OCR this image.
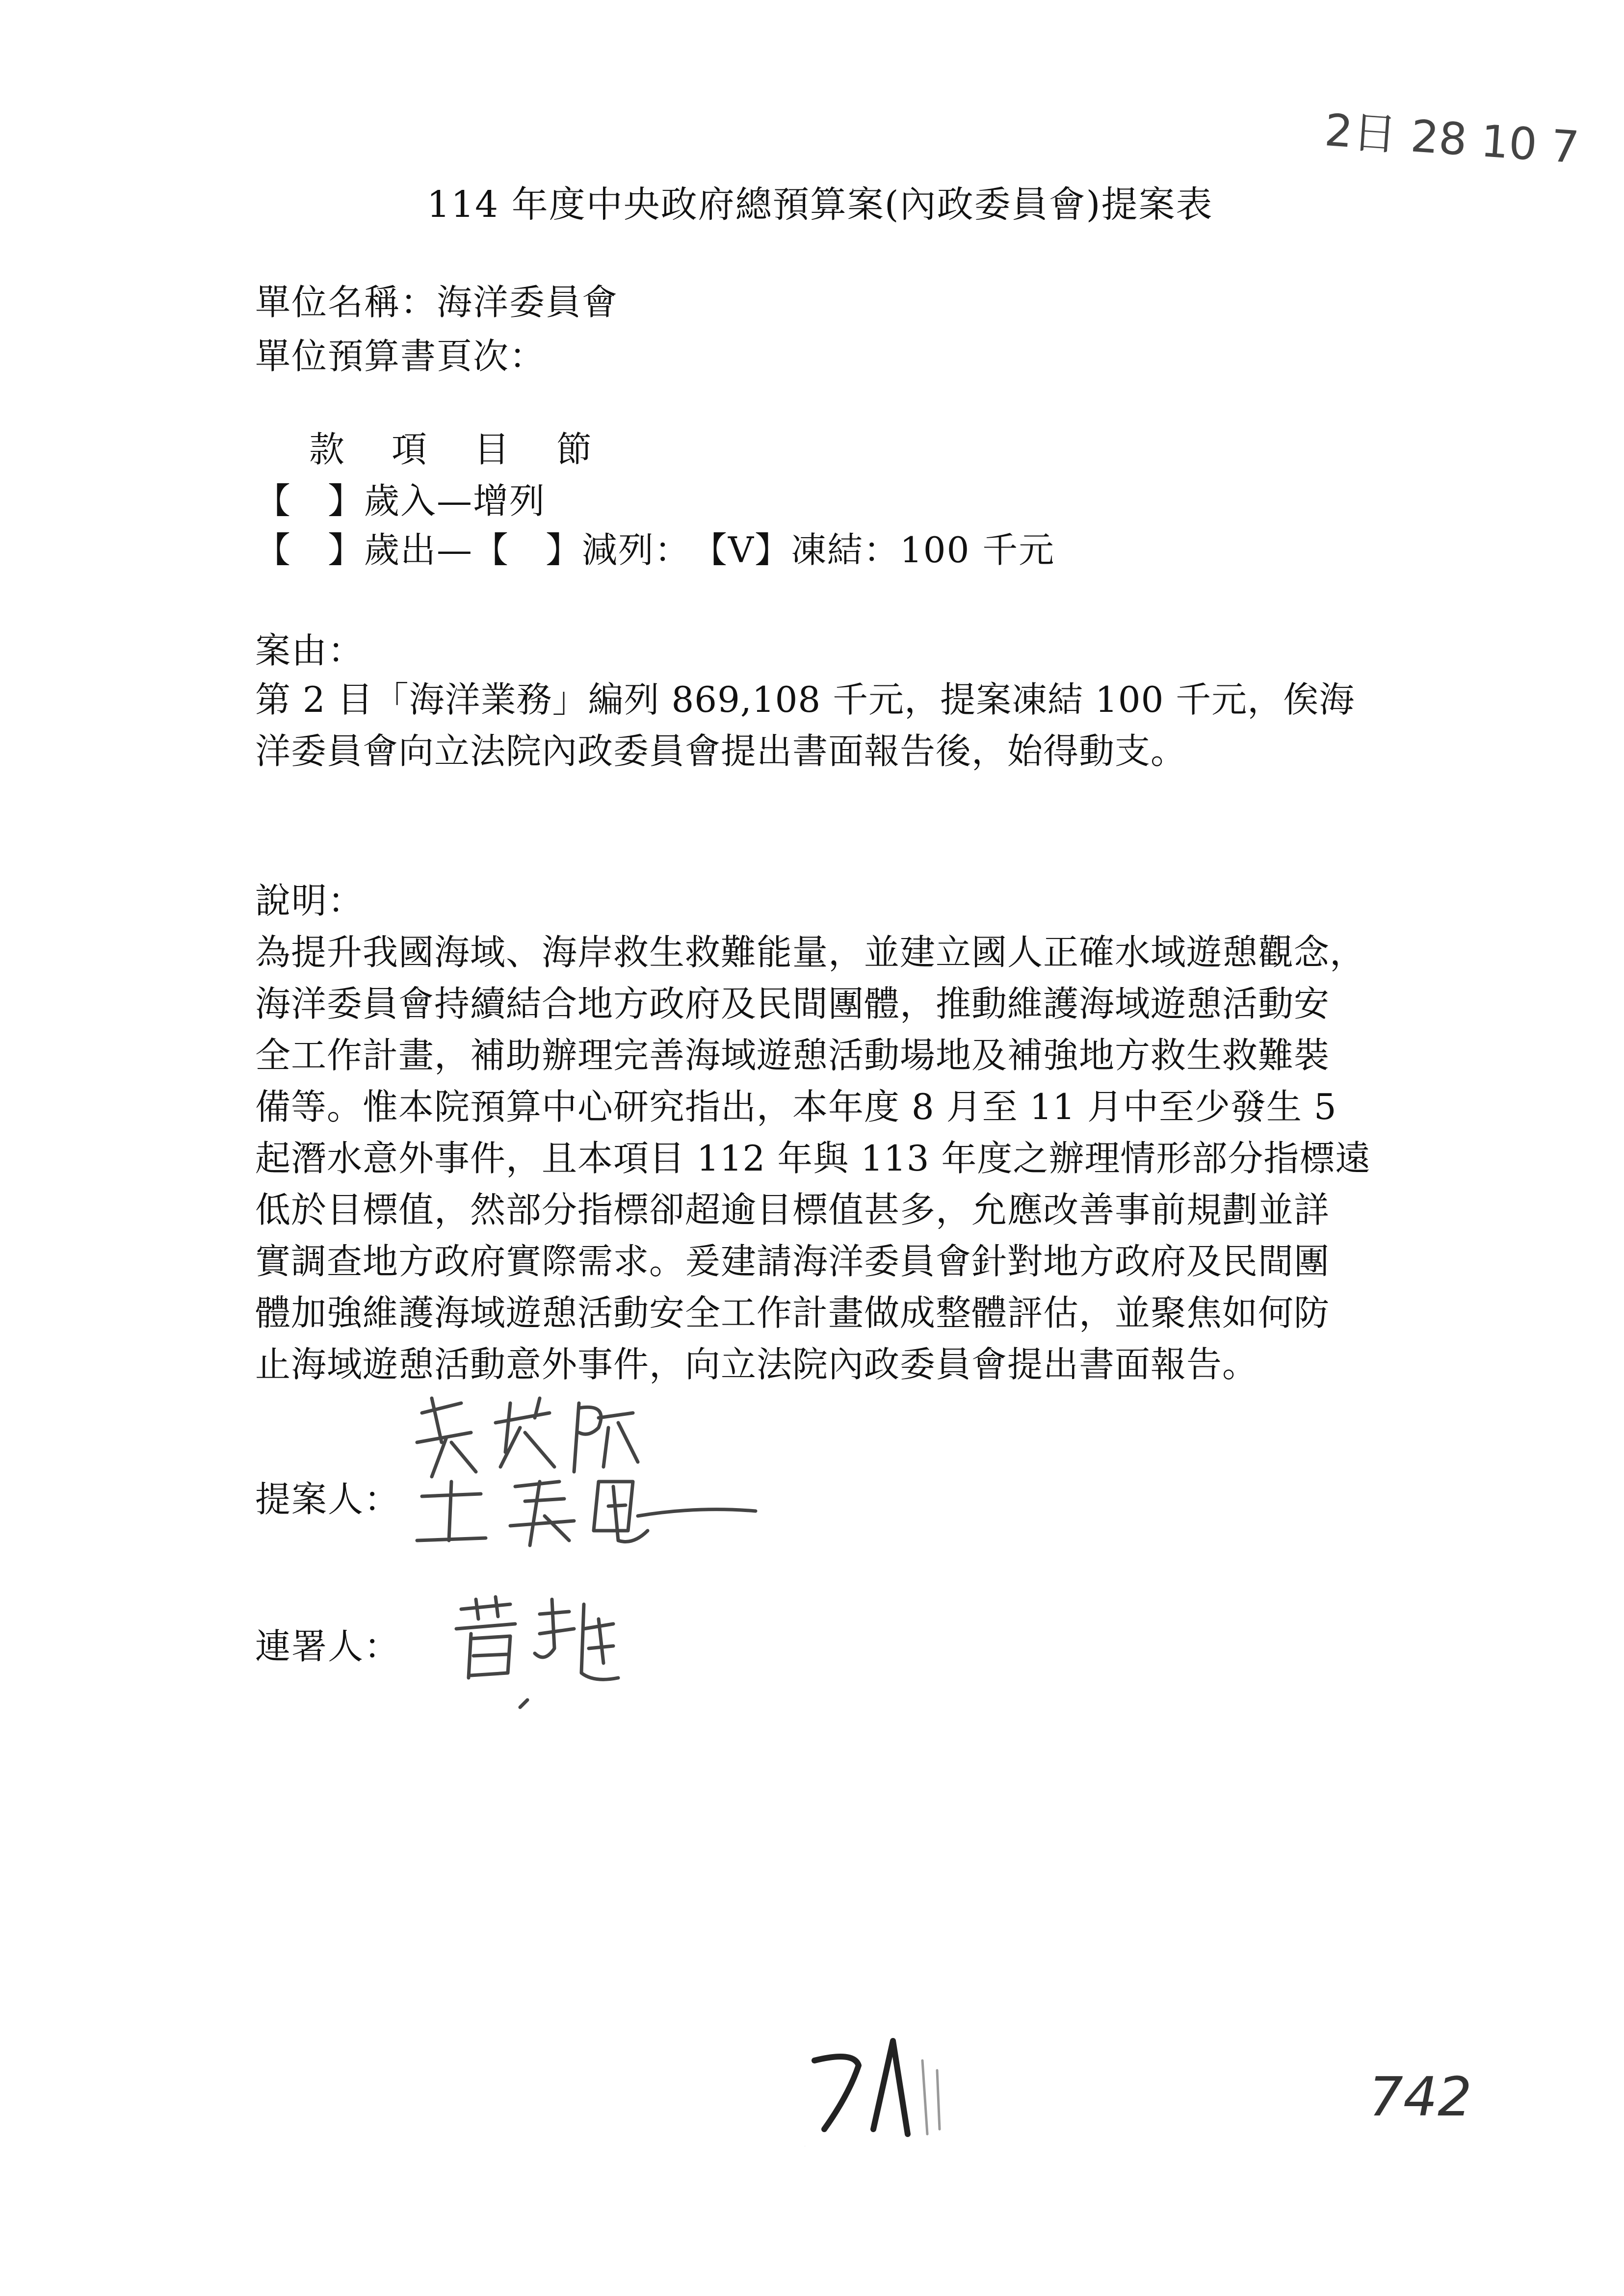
2日 28 10 7
114 年度中央政府總預算案(內政委員會)提案表
單位名稱：海洋委員會
單位預算書頁次：
款　項　目　節
【　】歲入—增列
【　】歲出—【　】減列：　【V】凍結：100 千元
案由：
第 2 目「海洋業務」編列 869,108 千元，提案凍結 100 千元，俟海
洋委員會向立法院內政委員會提出書面報告後，始得動支。
說明：
為提升我國海域、海岸救生救難能量，並建立國人正確水域遊憩觀念，
海洋委員會持續結合地方政府及民間團體，推動維護海域遊憩活動安
全工作計畫，補助辦理完善海域遊憩活動場地及補強地方救生救難裝
備等。惟本院預算中心研究指出，本年度 8 月至 11 月中至少發生 5
起潛水意外事件，且本項目 112 年與 113 年度之辦理情形部分指標遠
低於目標值，然部分指標卻超逾目標值甚多，允應改善事前規劃並詳
實調查地方政府實際需求。爰建請海洋委員會針對地方政府及民間團
體加強維護海域遊憩活動安全工作計畫做成整體評估，並聚焦如何防
止海域遊憩活動意外事件，向立法院內政委員會提出書面報告。
提案人：
連署人：
71
742
